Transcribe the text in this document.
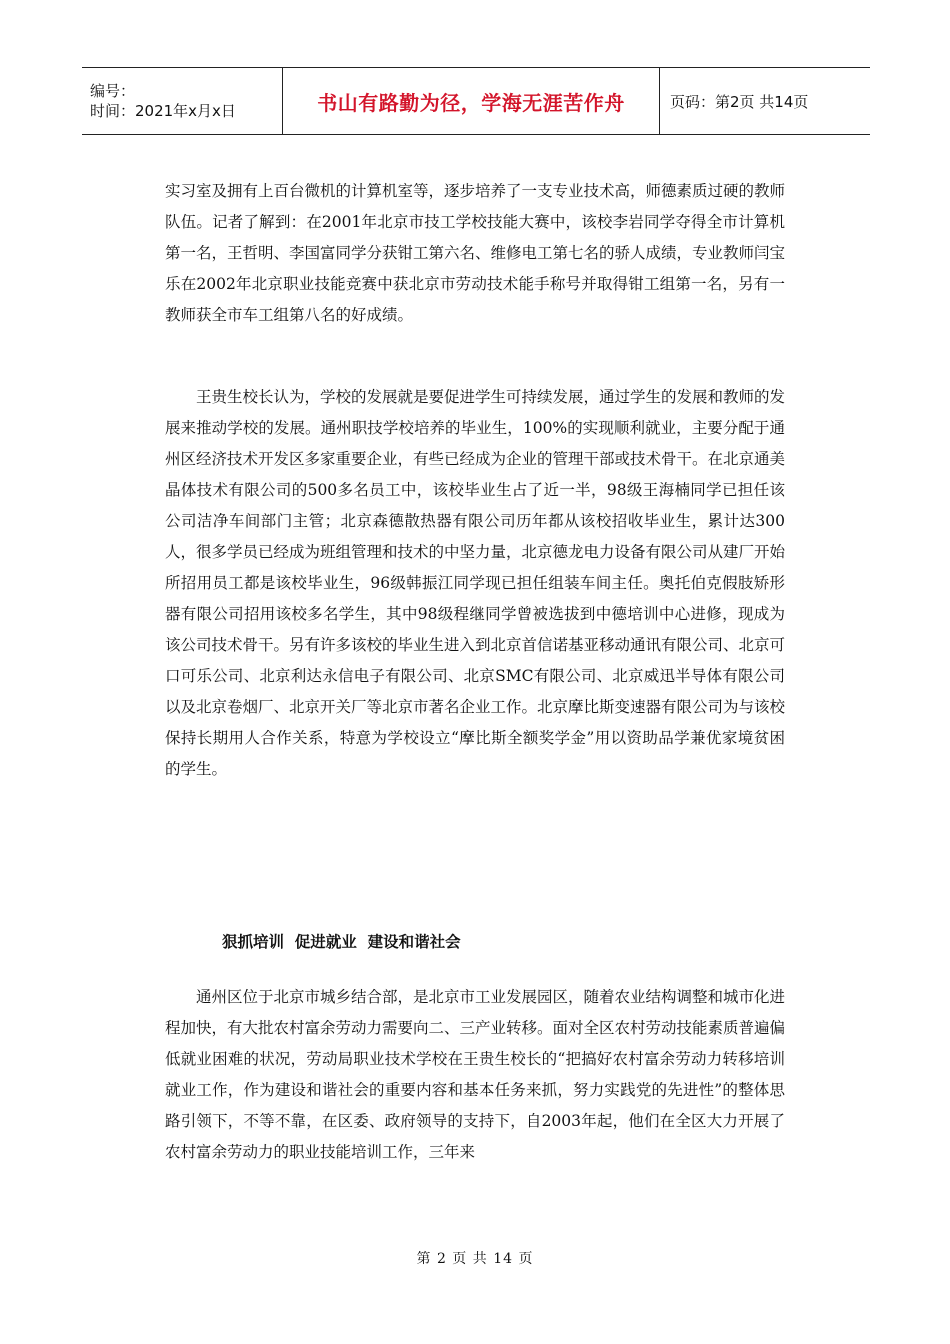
编号：
时间：2021年x月x日	书山有路勤为径，学海无涯苦作舟	页码：第2页 共14页

实习室及拥有上百台微机的计算机室等，逐步培养了一支专业技术高，师德素质过硬的教师队伍。记者了解到：在2001年北京市技工学校技能大赛中，该校李岩同学夺得全市计算机第一名，王哲明、李国富同学分获钳工第六名、维修电工第七名的骄人成绩，专业教师闫宝乐在2002年北京职业技能竞赛中获北京市劳动技术能手称号并取得钳工组第一名，另有一教师获全市车工组第八名的好成绩。

王贵生校长认为，学校的发展就是要促进学生可持续发展，通过学生的发展和教师的发展来推动学校的发展。通州职技学校培养的毕业生，100%的实现顺利就业，主要分配于通州区经济技术开发区多家重要企业，有些已经成为企业的管理干部或技术骨干。在北京通美晶体技术有限公司的500多名员工中，该校毕业生占了近一半，98级王海楠同学已担任该公司洁净车间部门主管；北京森德散热器有限公司历年都从该校招收毕业生，累计达300人，很多学员已经成为班组管理和技术的中坚力量，北京德龙电力设备有限公司从建厂开始所招用员工都是该校毕业生，96级韩振江同学现已担任组装车间主任。奥托伯克假肢矫形器有限公司招用该校多名学生，其中98级程继同学曾被选拔到中德培训中心进修，现成为该公司技术骨干。另有许多该校的毕业生进入到北京首信诺基亚移动通讯有限公司、北京可口可乐公司、北京利达永信电子有限公司、北京SMC有限公司、北京威迅半导体有限公司以及北京卷烟厂、北京开关厂等北京市著名企业工作。北京摩比斯变速器有限公司为与该校保持长期用人合作关系，特意为学校设立“摩比斯全额奖学金”用以资助品学兼优家境贫困的学生。

狠抓培训  促进就业  建设和谐社会

通州区位于北京市城乡结合部，是北京市工业发展园区，随着农业结构调整和城市化进程加快，有大批农村富余劳动力需要向二、三产业转移。面对全区农村劳动技能素质普遍偏低就业困难的状况，劳动局职业技术学校在王贵生校长的“把搞好农村富余劳动力转移培训就业工作，作为建设和谐社会的重要内容和基本任务来抓，努力实践党的先进性”的整体思路引领下，不等不靠，在区委、政府领导的支持下，自2003年起，他们在全区大力开展了农村富余劳动力的职业技能培训工作，三年来

第 2 页 共 14 页
